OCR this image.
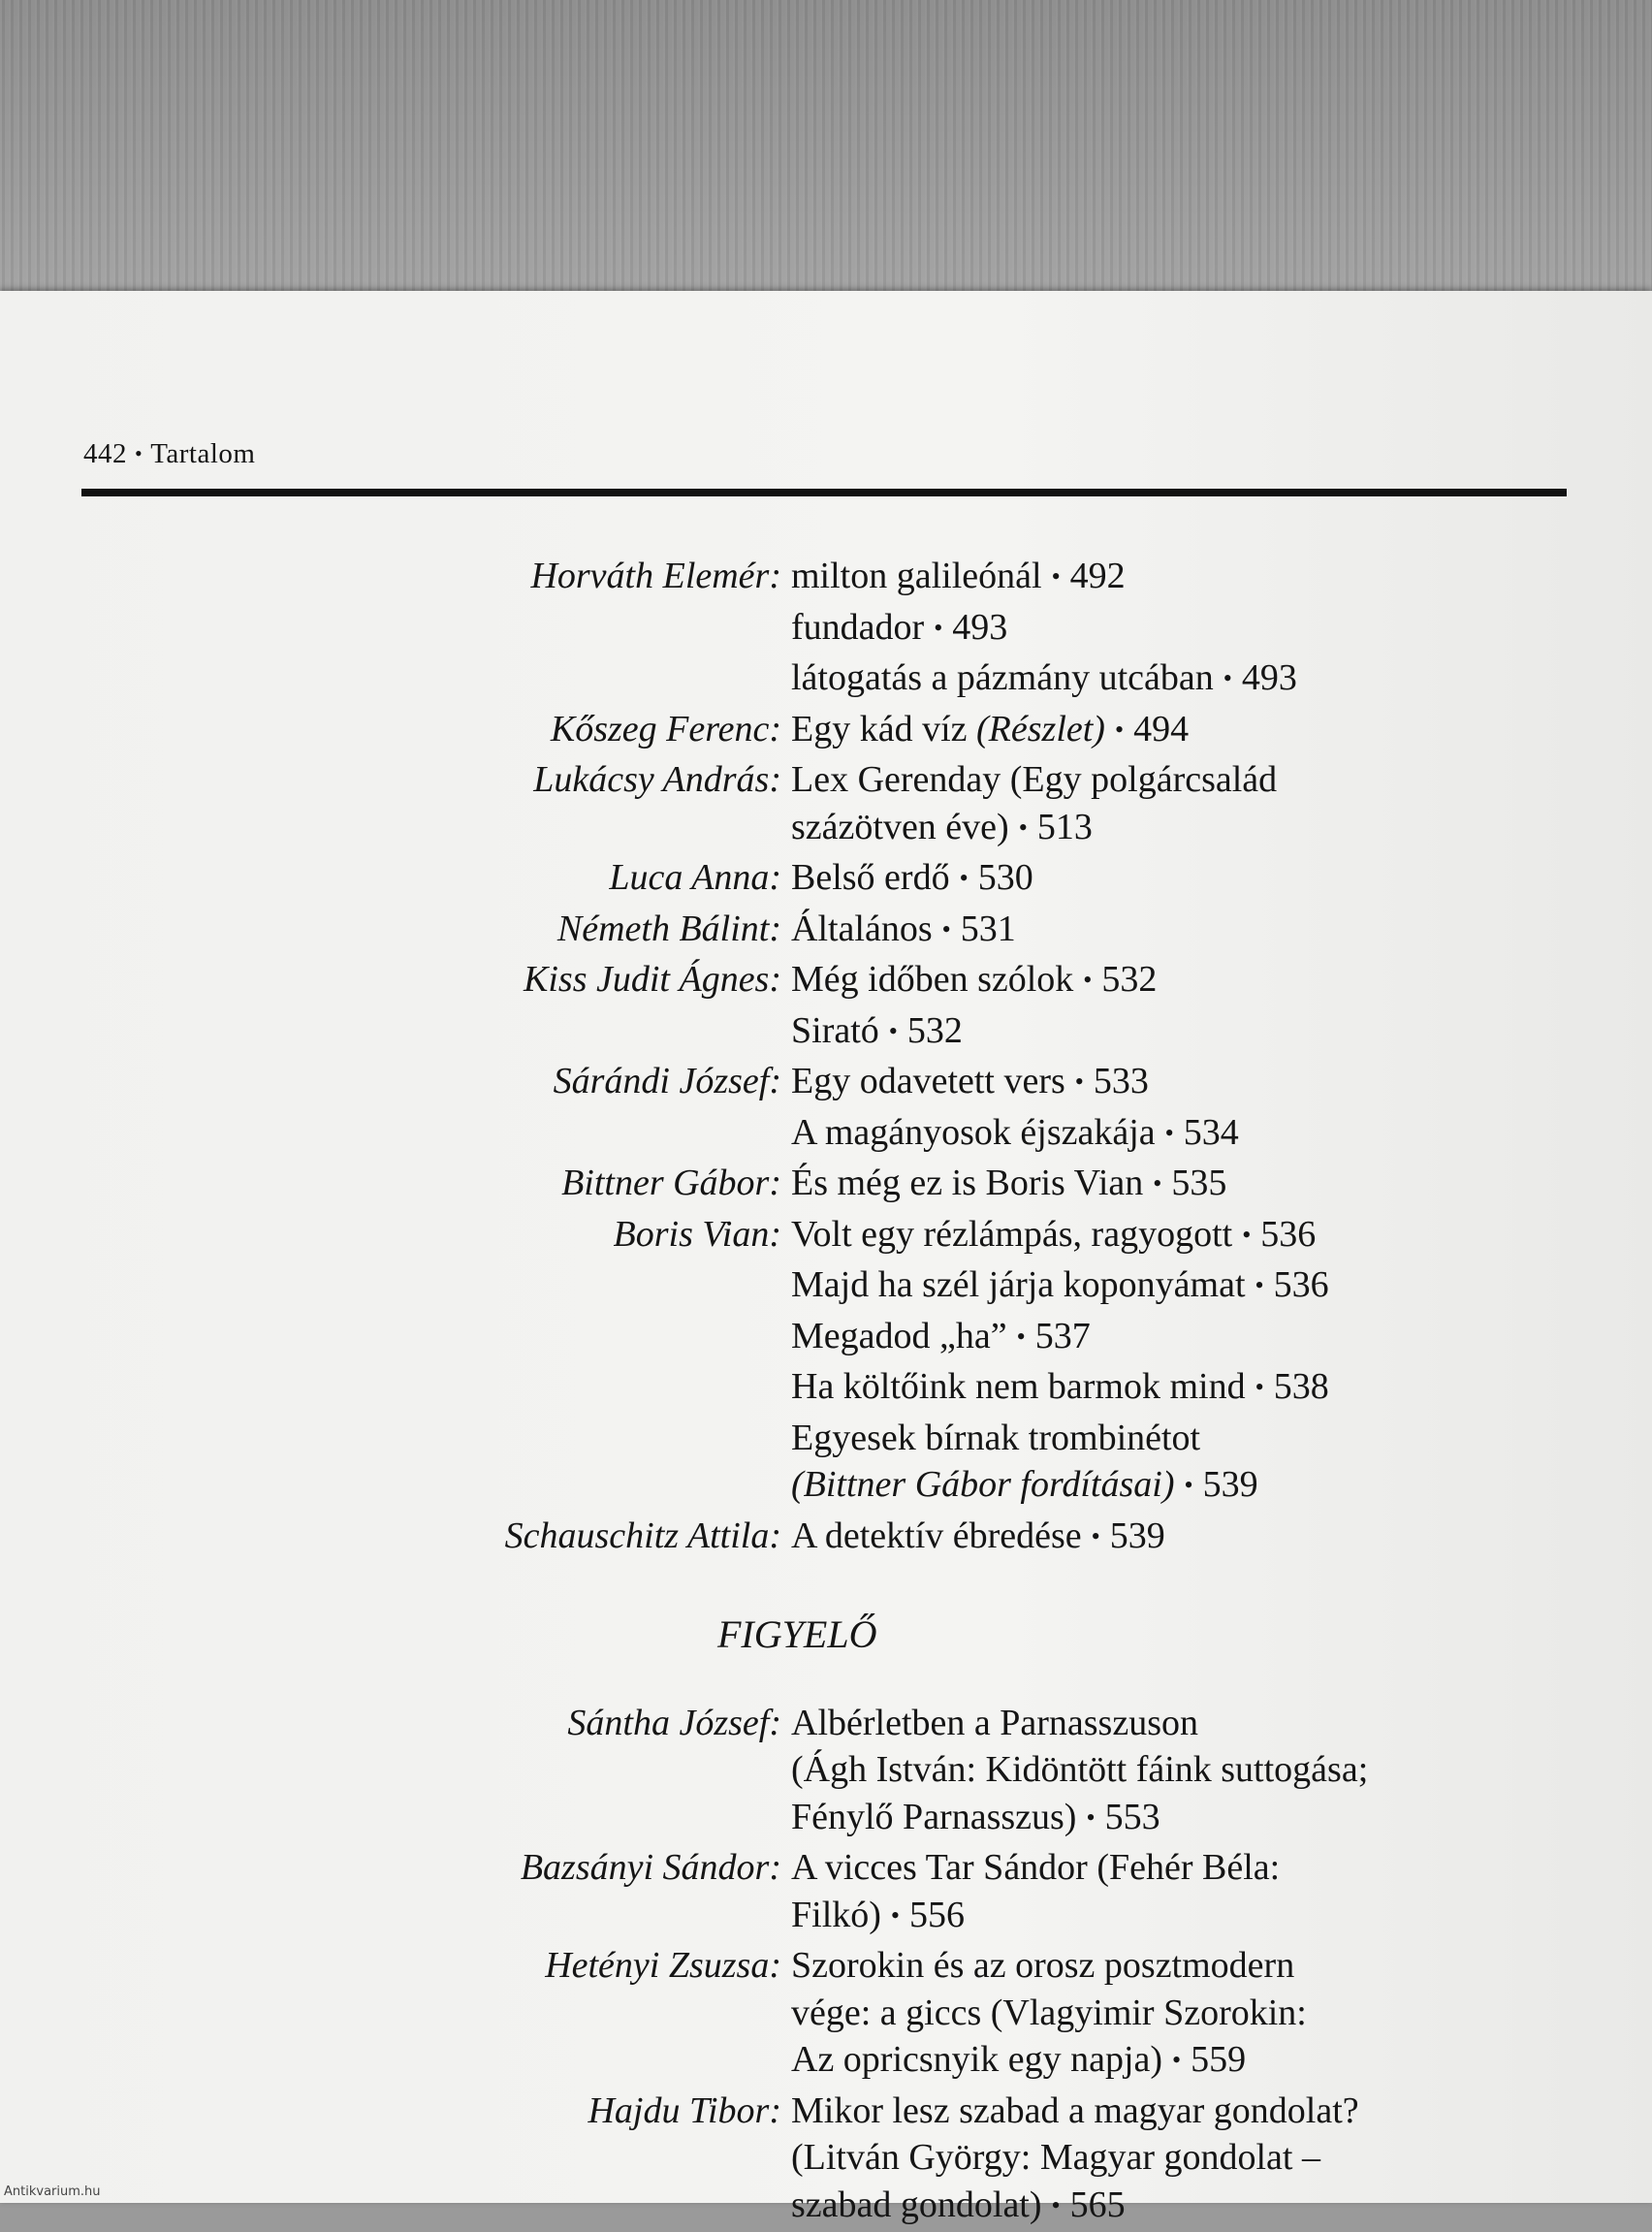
442 • Tartalom
Horváth Elemér: milton galileónál • 492
fundador • 493
látogatás a pázmány utcában • 493
Kőszeg Ferenc: Egy kád víz (Részlet) • 494
Lukácsy András: Lex Gerenday (Egy polgárcsalád
százötven éve) • 513
Luca Anna: Belső erdő • 530
Németh Bálint: Általános • 531
Kiss Judit Ágnes: Még időben szólok • 532
Sirató • 532
Sárándi József: Egy odavetett vers • 533
A magányosok éjszakája • 534
Bittner Gábor: És még ez is Boris Vian • 535
Boris Vian: Volt egy rézlámpás, ragyogott • 536
Majd ha szél járja koponyámat • 536
Megadod „ha” • 537
Ha költőink nem barmok mind • 538
Egyesek bírnak trombinétot
(Bittner Gábor fordításai) • 539
Schauschitz Attila: A detektív ébredése • 539
FIGYELŐ
Sántha József: Albérletben a Parnasszuson
(Ágh István: Kidöntött fáink suttogása;
Fénylő Parnasszus) • 553
Bazsányi Sándor: A vicces Tar Sándor (Fehér Béla:
Filkó) • 556
Hetényi Zsuzsa: Szorokin és az orosz posztmodern
vége: a giccs (Vlagyimir Szorokin:
Az opricsnyik egy napja) • 559
Hajdu Tibor: Mikor lesz szabad a magyar gondolat?
(Litván György: Magyar gondolat –
szabad gondolat) • 565
Antikvarium.hu
